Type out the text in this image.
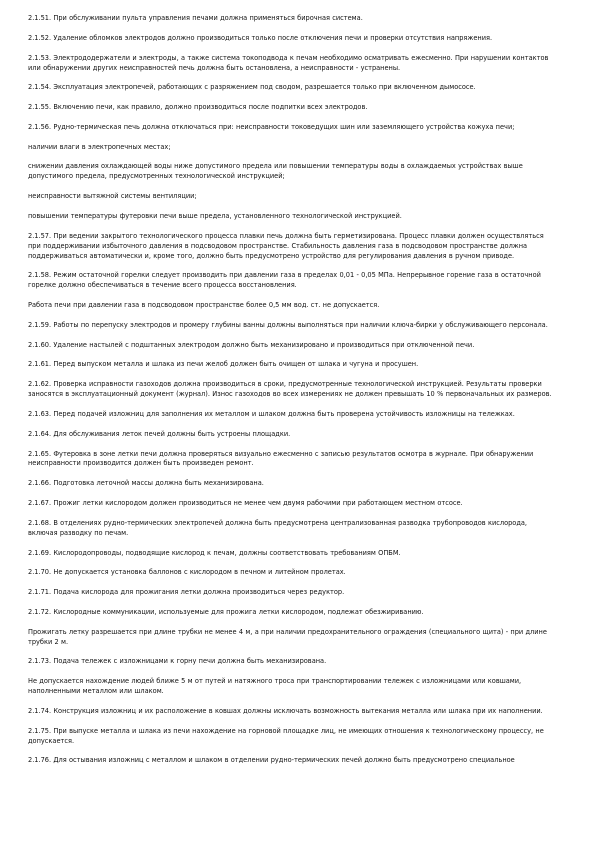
2.1.51. При обслуживании пульта управления печами должна применяться бирочная система.

2.1.52. Удаление обломков электродов должно производиться только после отключения печи и проверки отсутствия напряжения.

2.1.53. Электрододержатели и электроды, а также система токоподвода к печам необходимо осматривать ежесменно. При нарушении контактов или обнаружении других неисправностей печь должна быть остановлена, а неисправности - устранены.

2.1.54. Эксплуатация электропечей, работающих с разряжением под сводом, разрешается только при включенном дымососе.

2.1.55. Включению печи, как правило, должно производиться после подпитки всех электродов.

2.1.56. Рудно-термическая печь должна отключаться при: неисправности токоведущих шин или заземляющего устройства кожуха печи;

наличии влаги в электропечных местах;

снижении давления охлаждающей воды ниже допустимого предела или повышении температуры воды в охлаждаемых устройствах выше допустимого предела, предусмотренных технологической инструкцией;

неисправности вытяжной системы вентиляции;

повышении температуры футеровки печи выше предела, установленного технологической инструкцией.

2.1.57. При ведении закрытого технологического процесса плавки печь должна быть герметизирована. Процесс плавки должен осуществляться при поддерживании избыточного давления в подсводовом пространстве. Стабильность давления газа в подсводовом пространстве должна поддерживаться автоматически и, кроме того, должно быть предусмотрено устройство для регулирования давления в ручном приводе.

2.1.58. Режим остаточной горелки следует производить при давлении газа в пределах 0,01 - 0,05 МПа. Непрерывное горение газа в остаточной горелке должно обеспечиваться в течение всего процесса восстановления.

Работа печи при давлении газа в подсводовом пространстве более 0,5 мм вод. ст. не допускается.

2.1.59. Работы по перепуску электродов и промеру глубины ванны должны выполняться при наличии ключа-бирки у обслуживающего персонала.

2.1.60. Удаление настылей с подштанных электродом должно быть механизировано и производиться при отключенной печи.

2.1.61. Перед выпуском металла и шлака из печи желоб должен быть очищен от шлака и чугуна и просушен.

2.1.62. Проверка исправности газоходов должна производиться в сроки, предусмотренные технологической инструкцией. Результаты проверки заносятся в эксплуатационный документ (журнал). Износ газоходов во всех измерениях не должен превышать 10 % первоначальных их размеров.

2.1.63. Перед подачей изложниц для заполнения их металлом и шлаком должна быть проверена устойчивость изложницы на тележках.

2.1.64. Для обслуживания леток печей должны быть устроены площадки.

2.1.65. Футеровка в зоне летки печи должна проверяться визуально ежесменно с записью результатов осмотра в журнале. При обнаружении неисправности производится должен быть произведен ремонт.

2.1.66. Подготовка леточной массы должна быть механизирована.

2.1.67. Прожиг летки кислородом должен производиться не менее чем двумя рабочими при работающем местном отсосе.

2.1.68. В отделениях рудно-термических электропечей должна быть предусмотрена централизованная разводка трубопроводов кислорода, включая разводку по печам.

2.1.69. Кислородопроводы, подводящие кислород к печам, должны соответствовать требованиям ОПБМ.

2.1.70. Не допускается установка баллонов с кислородом в печном и литейном пролетах.

2.1.71. Подача кислорода для прожигания летки должна производиться через редуктор.

2.1.72. Кислородные коммуникации, используемые для прожига летки кислородом, подлежат обезжириванию.

Прожигать летку разрешается при длине трубки не менее 4 м, а при наличии предохранительного ограждения (специального щита) - при длине трубки 2 м.

2.1.73. Подача тележек с изложницами к горну печи должна быть механизирована.

Не допускается нахождение людей ближе 5 м от путей и натяжного троса при транспортировании тележек с изложницами или ковшами, наполненными металлом или шлаком.

2.1.74. Конструкция изложниц и их расположение в ковшах должны исключать возможность вытекания металла или шлака при их наполнении.

2.1.75. При выпуске металла и шлака из печи нахождение на горновой площадке лиц, не имеющих отношения к технологическому процессу, не допускается.

2.1.76. Для остывания изложниц с металлом и шлаком в отделении рудно-термических печей должно быть предусмотрено специальное
